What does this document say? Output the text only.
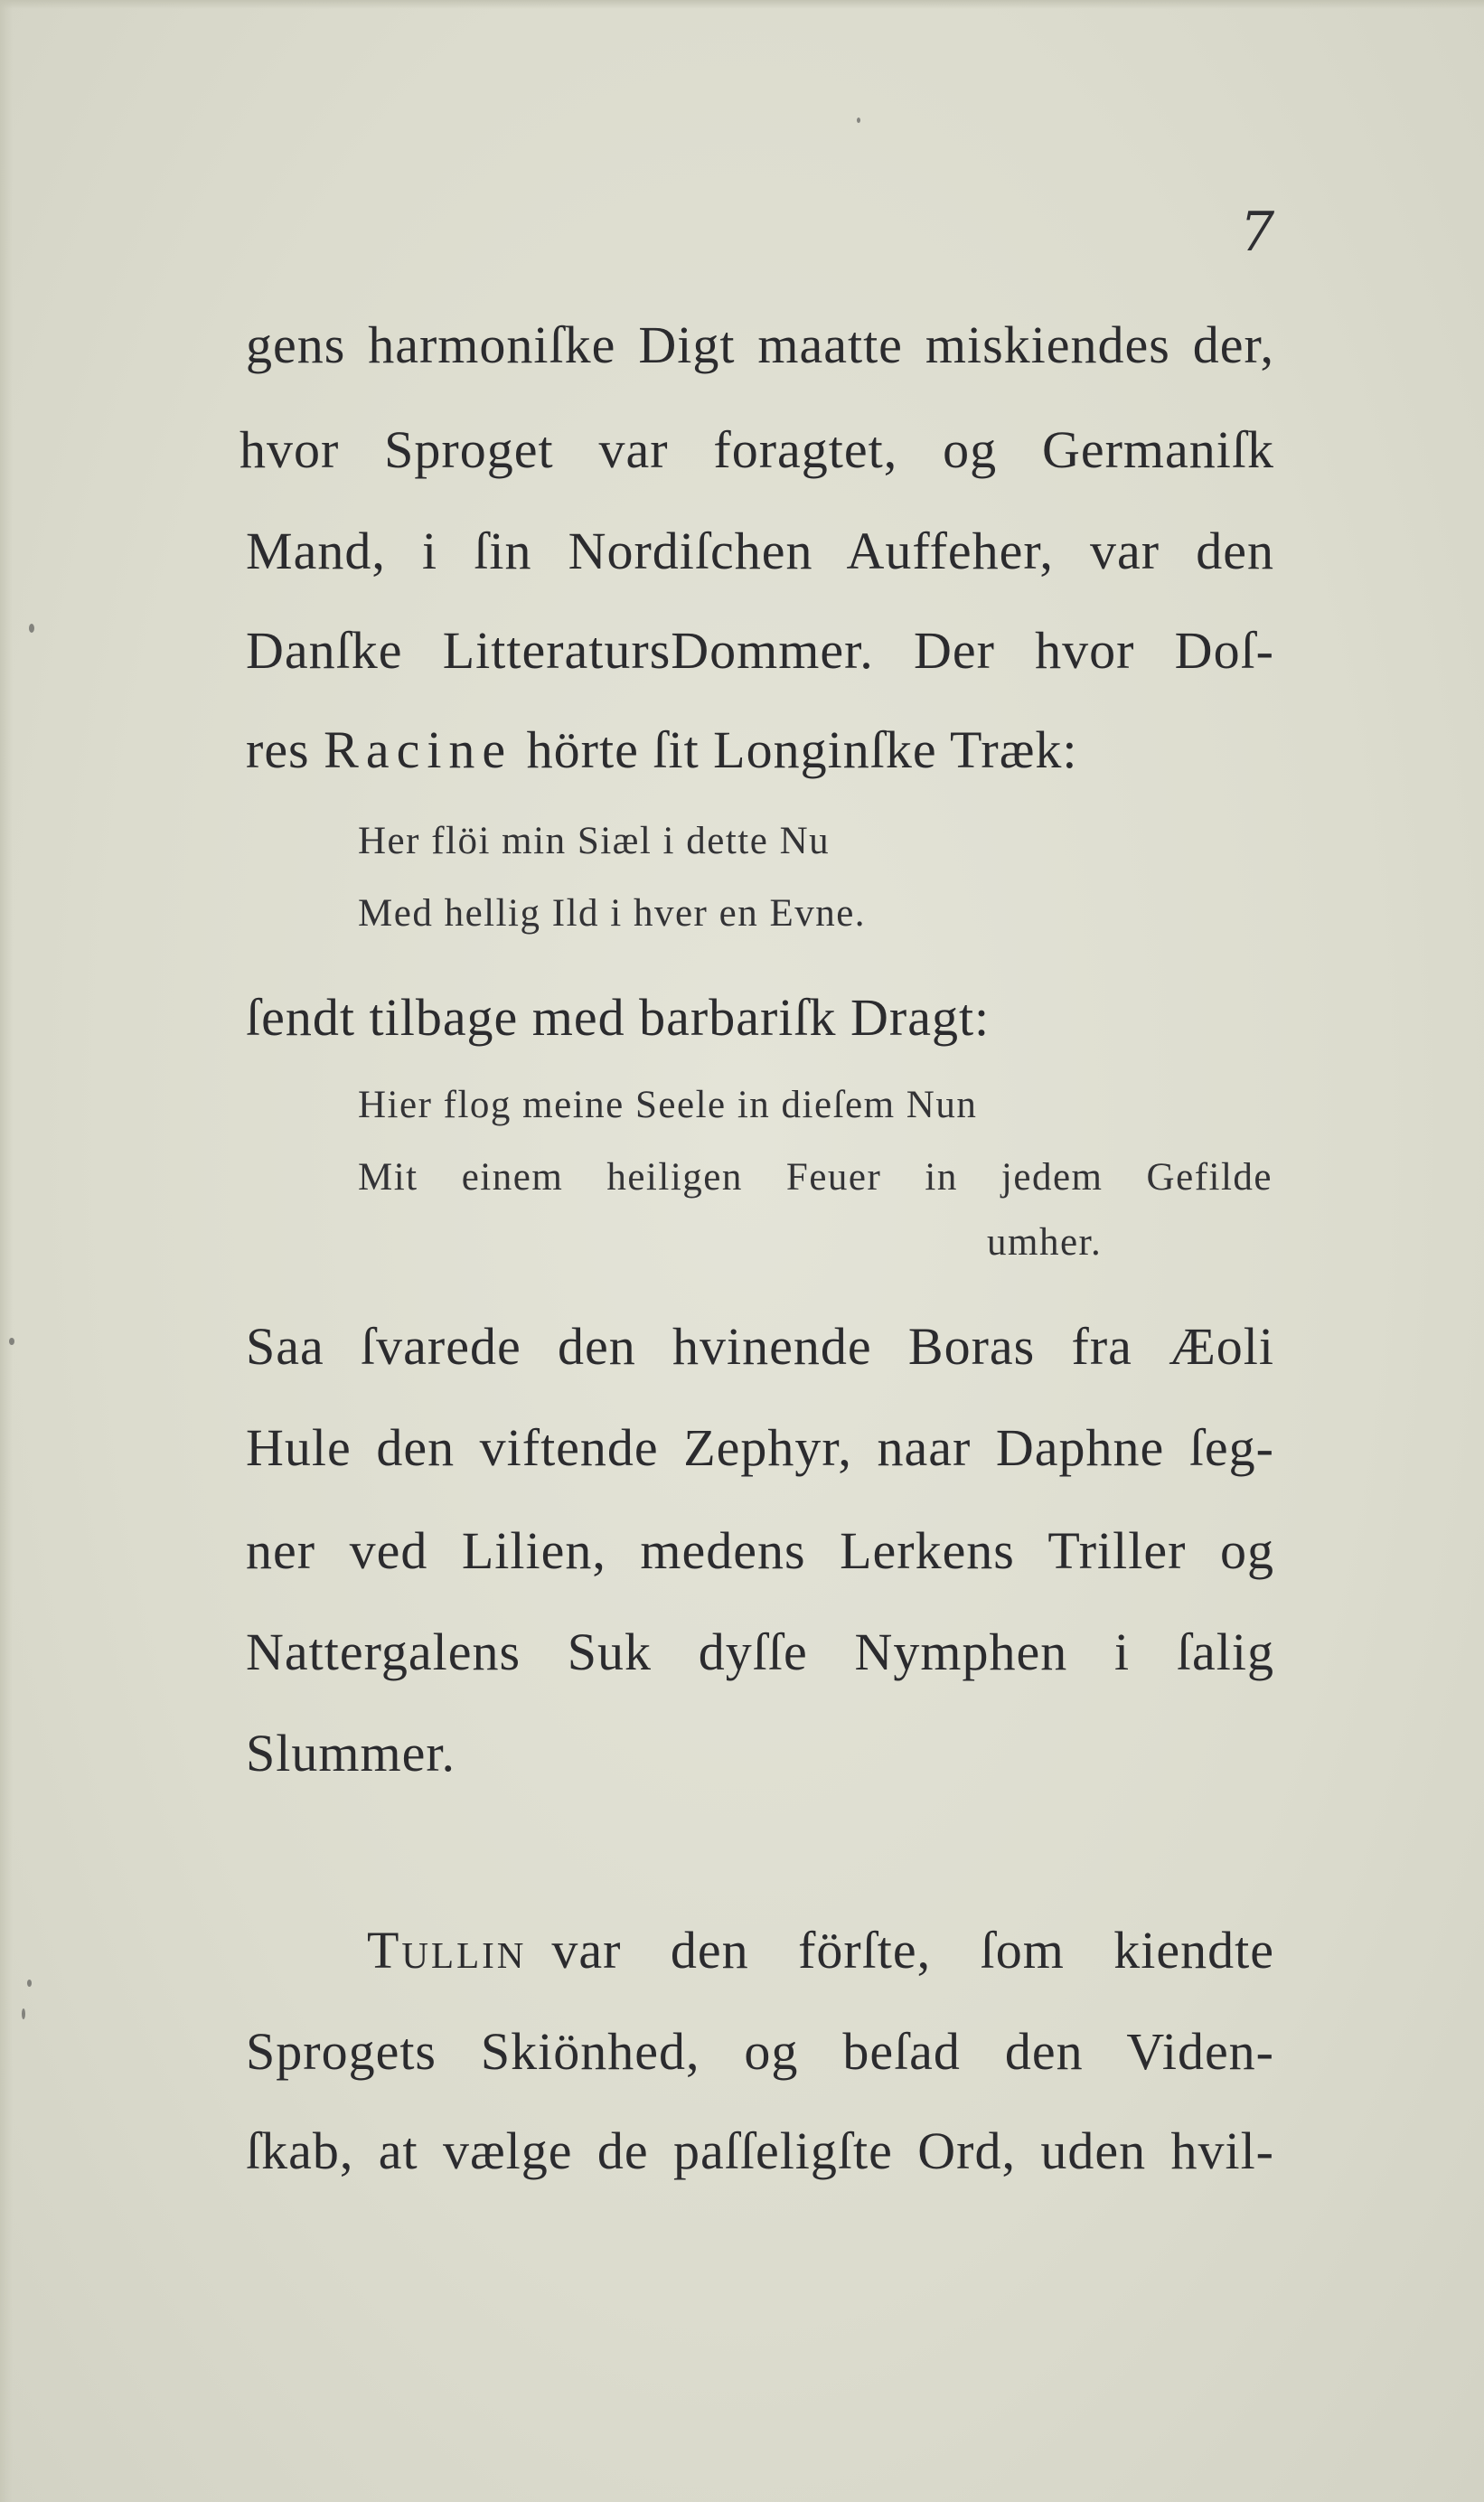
7
gens harmoniſke Digt maatte miskiendes der,
hvor Sproget var foragtet, og Germaniſk
Mand, i ſin Nordiſchen Auffeher, var den
Danſke LitteratursDommer. Der hvor Doſ-
res Racine hörte ſit Longinſke Træk:
Her flöi min Siæl i dette Nu
Med hellig Ild i hver en Evne.
ſendt tilbage med barbariſk Dragt:
Hier flog meine Seele in dieſem Nun
Mit einem heiligen Feuer in jedem Gefilde
umher.
Saa ſvarede den hvinende Boras fra Æoli
Hule den viftende Zephyr, naar Daphne ſeg-
ner ved Lilien, medens Lerkens Triller og
Nattergalens Suk dyſſe Nymphen i ſalig
Slummer.
Tullin var den förſte, ſom kiendte
Sprogets Skiönhed, og beſad den Viden-
ſkab, at vælge de paſſeligſte Ord, uden hvil-
